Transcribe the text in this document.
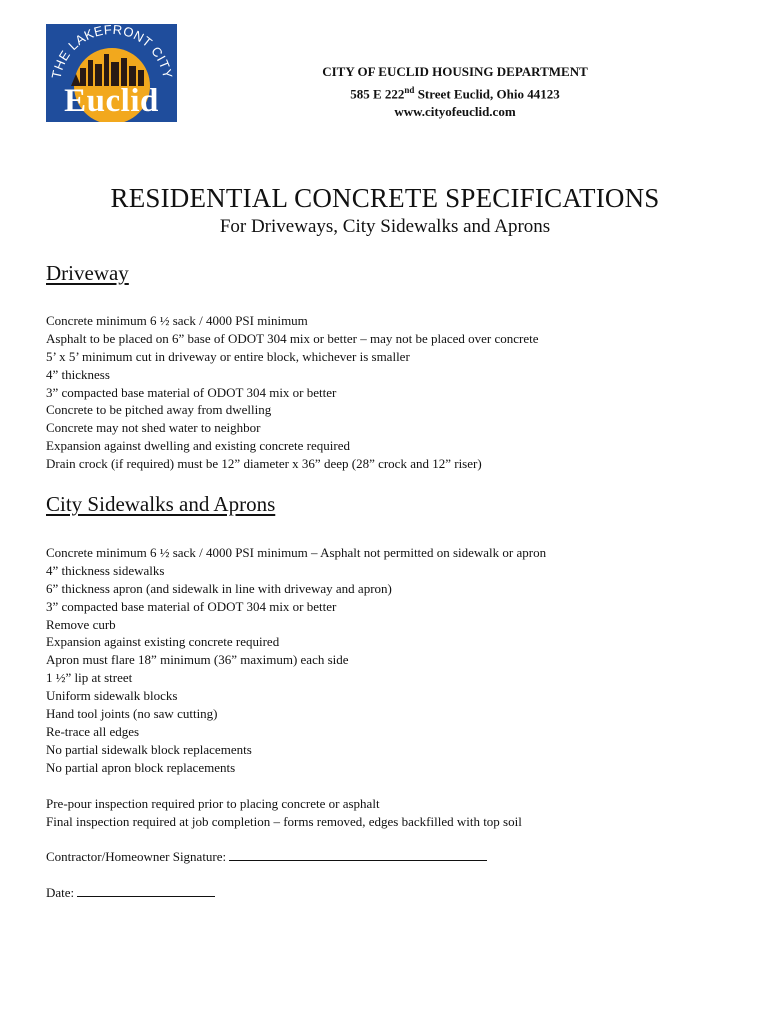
THE LAKEFRONT CITY
Euclid
CITY OF EUCLID HOUSING DEPARTMENT
585 E 222nd Street Euclid, Ohio 44123
www.cityofeuclid.com
RESIDENTIAL CONCRETE SPECIFICATIONS
For Driveways, City Sidewalks and Aprons
Driveway
Concrete minimum 6 ½ sack / 4000 PSI minimum
Asphalt to be placed on 6” base of ODOT 304 mix or better – may not be placed over concrete
5’ x 5’ minimum cut in driveway or entire block, whichever is smaller
4” thickness
3” compacted base material of ODOT 304 mix or better
Concrete to be pitched away from dwelling
Concrete may not shed water to neighbor
Expansion against dwelling and existing concrete required
Drain crock (if required) must be 12” diameter x 36” deep (28” crock and 12” riser)
City Sidewalks and Aprons
Concrete minimum 6 ½ sack / 4000 PSI minimum – Asphalt not permitted on sidewalk or apron
4” thickness sidewalks
6” thickness apron (and sidewalk in line with driveway and apron)
3” compacted base material of ODOT 304 mix or better
Remove curb
Expansion against existing concrete required
Apron must flare 18” minimum (36” maximum) each side
1 ½” lip at street
Uniform sidewalk blocks
Hand tool joints (no saw cutting)
Re-trace all edges
No partial sidewalk block replacements
No partial apron block replacements
Pre-pour inspection required prior to placing concrete or asphalt
Final inspection required at job completion – forms removed, edges backfilled with top soil
Contractor/Homeowner Signature:
Date:
